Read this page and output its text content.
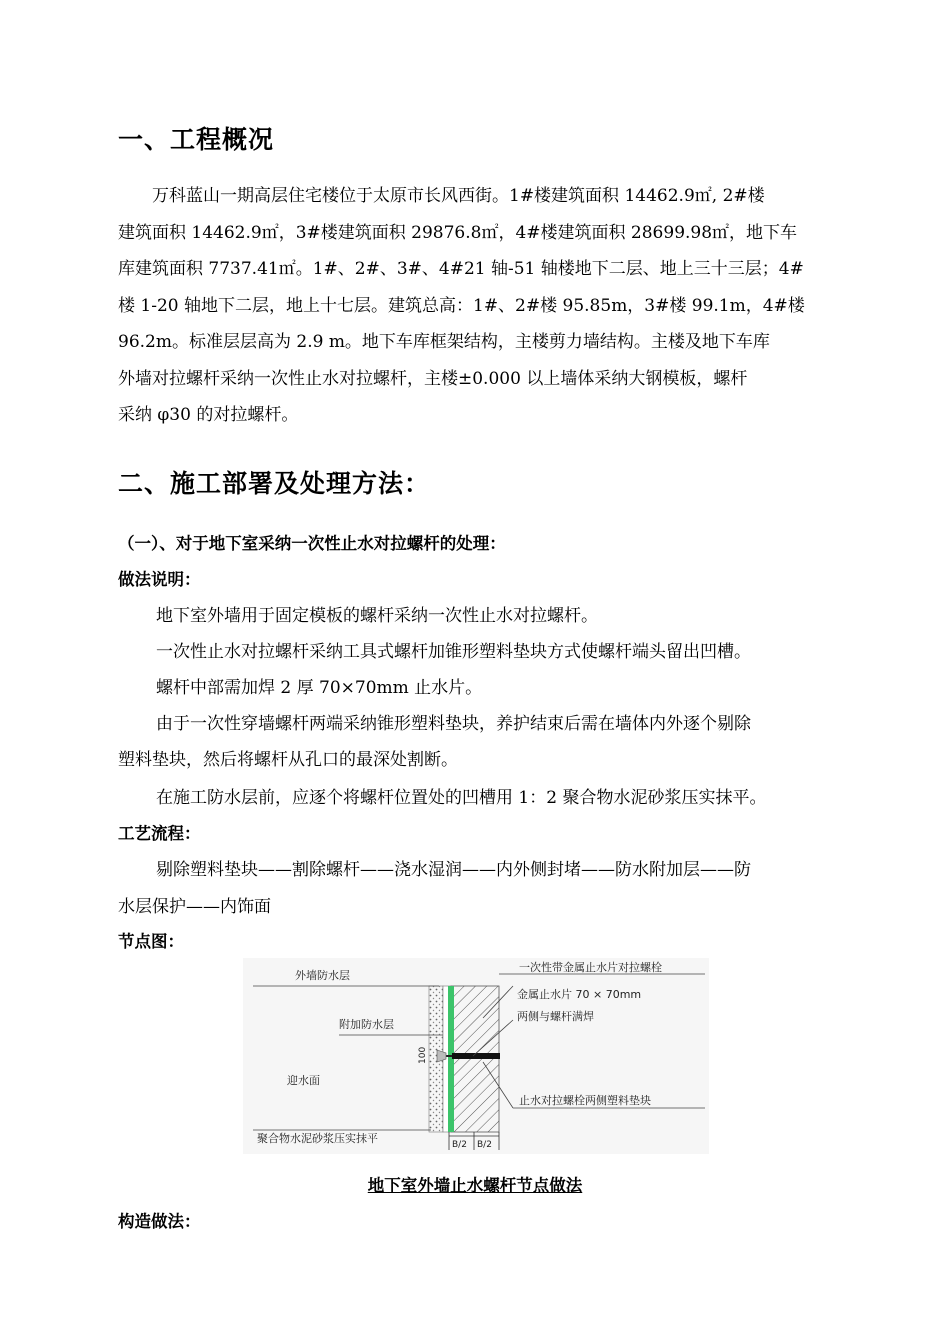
一、工程概况
　　万科蓝山一期高层住宅楼位于太原市长风西街。1#楼建筑面积 14462.9㎡, 2#楼
建筑面积 14462.9㎡，3#楼建筑面积 29876.8㎡，4#楼建筑面积 28699.98㎡，地下车
库建筑面积 7737.41㎡。1#、2#、3#、4#21 轴-51 轴楼地下二层、地上三十三层；4#
楼 1-20 轴地下二层，地上十七层。建筑总高：1#、2#楼 95.85m，3#楼 99.1m，4#楼
96.2m。标准层层高为 2.9 m。地下车库框架结构，主楼剪力墙结构。主楼及地下车库
外墙对拉螺杆采纳一次性止水对拉螺杆，主楼±0.000 以上墙体采纳大钢模板，螺杆
采纳 φ30 的对拉螺杆。
二、施工部署及处理方法：
（一）、对于地下室采纳一次性止水对拉螺杆的处理：
做法说明：
地下室外墙用于固定模板的螺杆采纳一次性止水对拉螺杆。
一次性止水对拉螺杆采纳工具式螺杆加锥形塑料垫块方式使螺杆端头留出凹槽。
螺杆中部需加焊 2 厚 70×70mm 止水片。
由于一次性穿墙螺杆两端采纳锥形塑料垫块，养护结束后需在墙体内外逐个剔除
塑料垫块，然后将螺杆从孔口的最深处割断。
在施工防水层前，应逐个将螺杆位置处的凹槽用 1：2 聚合物水泥砂浆压实抹平。
工艺流程：
剔除塑料垫块——割除螺杆——浇水湿润——内外侧封堵——防水附加层——防
水层保护——内饰面
节点图：
外墙防水层
附加防水层
迎水面
聚合物水泥砂浆压实抹平
一次性带金属止水片对拉螺栓
金属止水片 70 × 70mm
两侧与螺杆满焊
止水对拉螺栓两侧塑料垫块
100
B/2 B/2
地下室外墙止水螺杆节点做法
构造做法：
